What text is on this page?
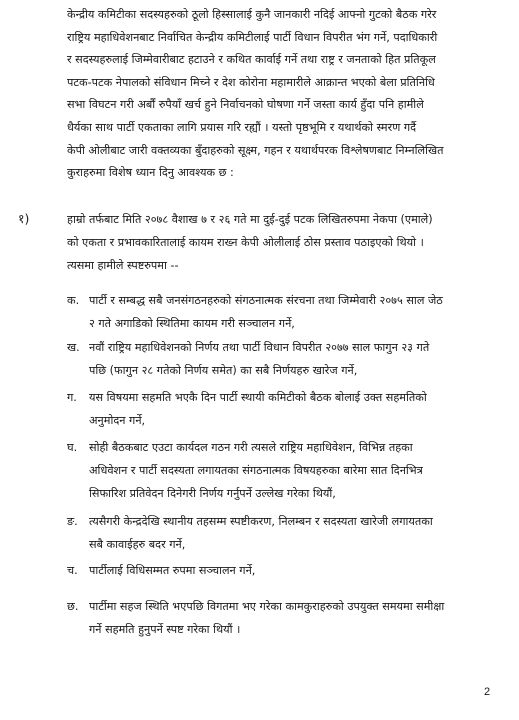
केन्द्रीय कमिटीका सदस्यहरुको ठूलो हिस्सालाई कुनै जानकारी नदिई आफ्नो गुटको बैठक गरेर
राष्ट्रिय महाधिवेशनबाट निर्वाचित केन्द्रीय कमिटीलाई पार्टी विधान विपरीत भंग गर्ने, पदाधिकारी
र सदस्यहरुलाई जिम्मेवारीबाट हटाउने र कथित कार्वाई गर्ने तथा राष्ट्र र जनताको हित प्रतिकूल
पटक-पटक नेपालको संविधान मिच्ने र देश कोरोना महामारीले आक्रान्त भएको बेला प्रतिनिधि
सभा विघटन गरी अर्बौं रुपैयाँ खर्च हुने निर्वाचनको घोषणा गर्ने जस्ता कार्य हुँदा पनि हामीले
धैर्यका साथ पार्टी एकताका लागि प्रयास गरि रह्यौं । यस्तो पृष्ठभूमि र यथार्थको स्मरण गर्दै
केपी ओलीबाट जारी वक्तव्यका बुँदाहरुको सूक्ष्म, गहन र यथार्थपरक विश्लेषणबाट निम्नलिखित
कुराहरुमा विशेष ध्यान दिनु आवश्यक छ :
१)	हाम्रो तर्फबाट मिति २०७८ वैशाख ७ र २६ गते मा दुई-दुई पटक लिखितरुपमा नेकपा (एमाले)
को एकता र प्रभावकारितालाई कायम राख्न केपी ओलीलाई ठोस प्रस्ताव पठाइएको थियो ।
त्यसमा हामीले स्पष्टरुपमा --
क. पार्टी र सम्बद्ध सबै जनसंगठनहरुको संगठनात्मक संरचना तथा जिम्मेवारी २०७५ साल जेठ
२ गते अगाडिको स्थितिमा कायम गरी सञ्चालन गर्ने,
ख. नवौं राष्ट्रिय महाधिवेशनको निर्णय तथा पार्टी विधान विपरीत २०७७ साल फागुन २३ गते
पछि (फागुन २८ गतेको निर्णय समेत) का सबै निर्णयहरु खारेज गर्ने,
ग. यस विषयमा सहमति भएकै दिन पार्टी स्थायी कमिटीको बैठक बोलाई उक्त सहमतिको
अनुमोदन गर्ने,
घ. सोही बैठकबाट एउटा कार्यदल गठन गरी त्यसले राष्ट्रिय महाधिवेशन, विभिन्न तहका
अधिवेशन र पार्टी सदस्यता लगायतका संगठनात्मक विषयहरुका बारेमा सात दिनभित्र
सिफारिश प्रतिवेदन दिनेगरी निर्णय गर्नुपर्ने उल्लेख गरेका थियौं,
ङ. त्यसैगरी केन्द्रदेखि स्थानीय तहसम्म स्पष्टीकरण, निलम्बन र सदस्यता खारेजी लगायतका
सबै कावाईहरु बदर गर्ने,
च. पार्टीलाई विधिसम्मत रुपमा सञ्चालन गर्ने,
छ. पार्टीमा सहज स्थिति भएपछि विगतमा भए गरेका कामकुराहरुको उपयुक्त समयमा समीक्षा
गर्ने सहमति हुनुपर्ने स्पष्ट गरेका थियौं ।
2
